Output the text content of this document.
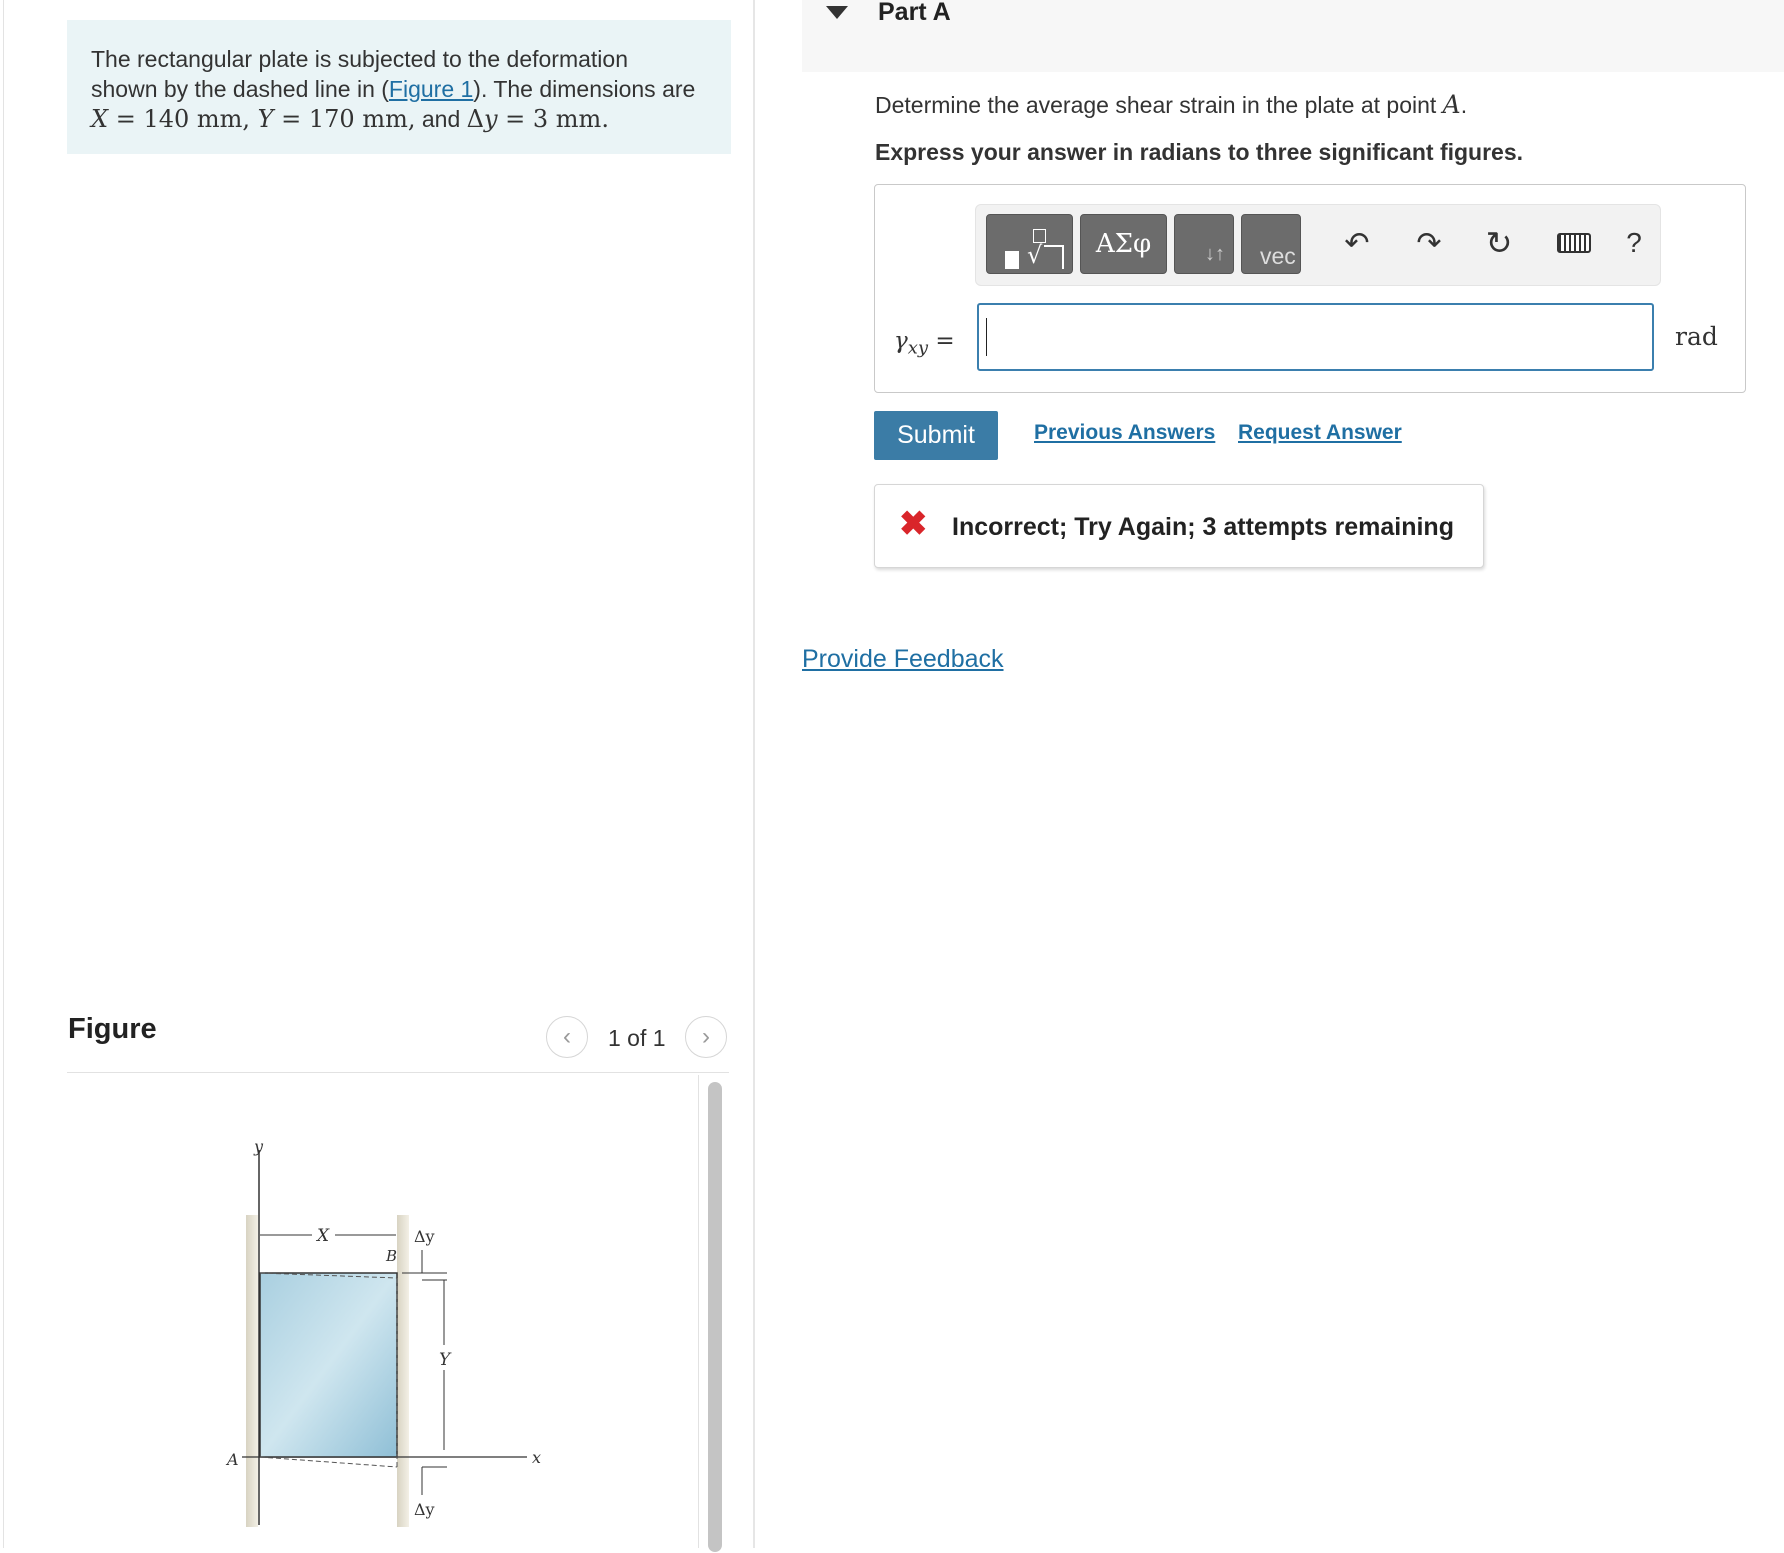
The rectangular plate is subjected to the deformation
shown by the dashed line in (Figure 1). The dimensions are
X = 140 mm, Y = 170 mm, and Δy = 3 mm.
Figure	‹ 1 of 1 ›
X
Y
Δy
Δy
B
A
y
x
Part A
Determine the average shear strain in the plate at point A.
Express your answer in radians to three significant figures.
√	ΑΣφ	↓↑ vec ↶ ↷ ↻	?
$\gamma_{xy}$ =	rad
Submit	Previous Answers Request Answer
✖ Incorrect; Try Again; 3 attempts remaining
Provide Feedback
